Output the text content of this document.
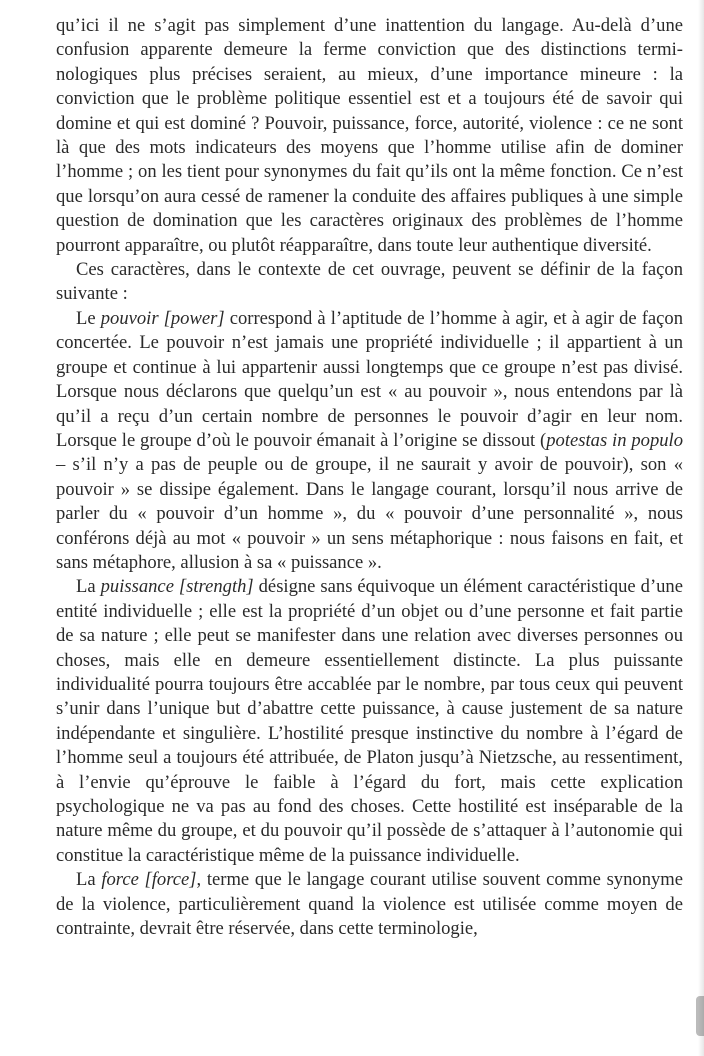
qu’ici il ne s’agit pas simplement d’une inattention du langage. Au-delà d’une confusion apparente demeure la ferme conviction que des distinctions terminologiques plus précises seraient, au mieux, d’une importance mineure : la conviction que le problème politique essentiel est et a toujours été de savoir qui domine et qui est dominé ? Pouvoir, puissance, force, autorité, violence : ce ne sont là que des mots indicateurs des moyens que l’homme utilise afin de dominer l’homme ; on les tient pour synonymes du fait qu’ils ont la même fonction. Ce n’est que lorsqu’on aura cessé de ramener la conduite des affaires publiques à une simple question de domination que les caractères originaux des problèmes de l’homme pourront apparaître, ou plutôt réapparaître, dans toute leur authentique diversité.

Ces caractères, dans le contexte de cet ouvrage, peuvent se définir de la façon suivante :

Le pouvoir [power] correspond à l’aptitude de l’homme à agir, et à agir de façon concertée. Le pouvoir n’est jamais une propriété individuelle ; il appartient à un groupe et continue à lui appartenir aussi longtemps que ce groupe n’est pas divisé. Lorsque nous déclarons que quelqu’un est « au pouvoir », nous entendons par là qu’il a reçu d’un certain nombre de personnes le pouvoir d’agir en leur nom. Lorsque le groupe d’où le pouvoir émanait à l’origine se dissout (potestas in populo – s’il n’y a pas de peuple ou de groupe, il ne saurait y avoir de pouvoir), son « pouvoir » se dissipe également. Dans le langage courant, lorsqu’il nous arrive de parler du « pouvoir d’un homme », du « pouvoir d’une personnalité », nous conférons déjà au mot « pouvoir » un sens métaphorique : nous faisons en fait, et sans métaphore, allusion à sa « puissance ».

La puissance [strength] désigne sans équivoque un élément caractéristique d’une entité individuelle ; elle est la propriété d’un objet ou d’une personne et fait partie de sa nature ; elle peut se manifester dans une relation avec diverses personnes ou choses, mais elle en demeure essentiellement distincte. La plus puissante individualité pourra toujours être accablée par le nombre, par tous ceux qui peuvent s’unir dans l’unique but d’abattre cette puissance, à cause justement de sa nature indépendante et singulière. L’hostilité presque instinctive du nombre à l’égard de l’homme seul a toujours été attribuée, de Platon jusqu’à Nietzsche, au ressentiment, à l’envie qu’éprouve le faible à l’égard du fort, mais cette explication psychologique ne va pas au fond des choses. Cette hostilité est inséparable de la nature même du groupe, et du pouvoir qu’il possède de s’attaquer à l’autonomie qui constitue la caractéristique même de la puissance individuelle.

La force [force], terme que le langage courant utilise souvent comme synonyme de la violence, particulièrement quand la violence est utilisée comme moyen de contrainte, devrait être réservée, dans cette terminologie,
